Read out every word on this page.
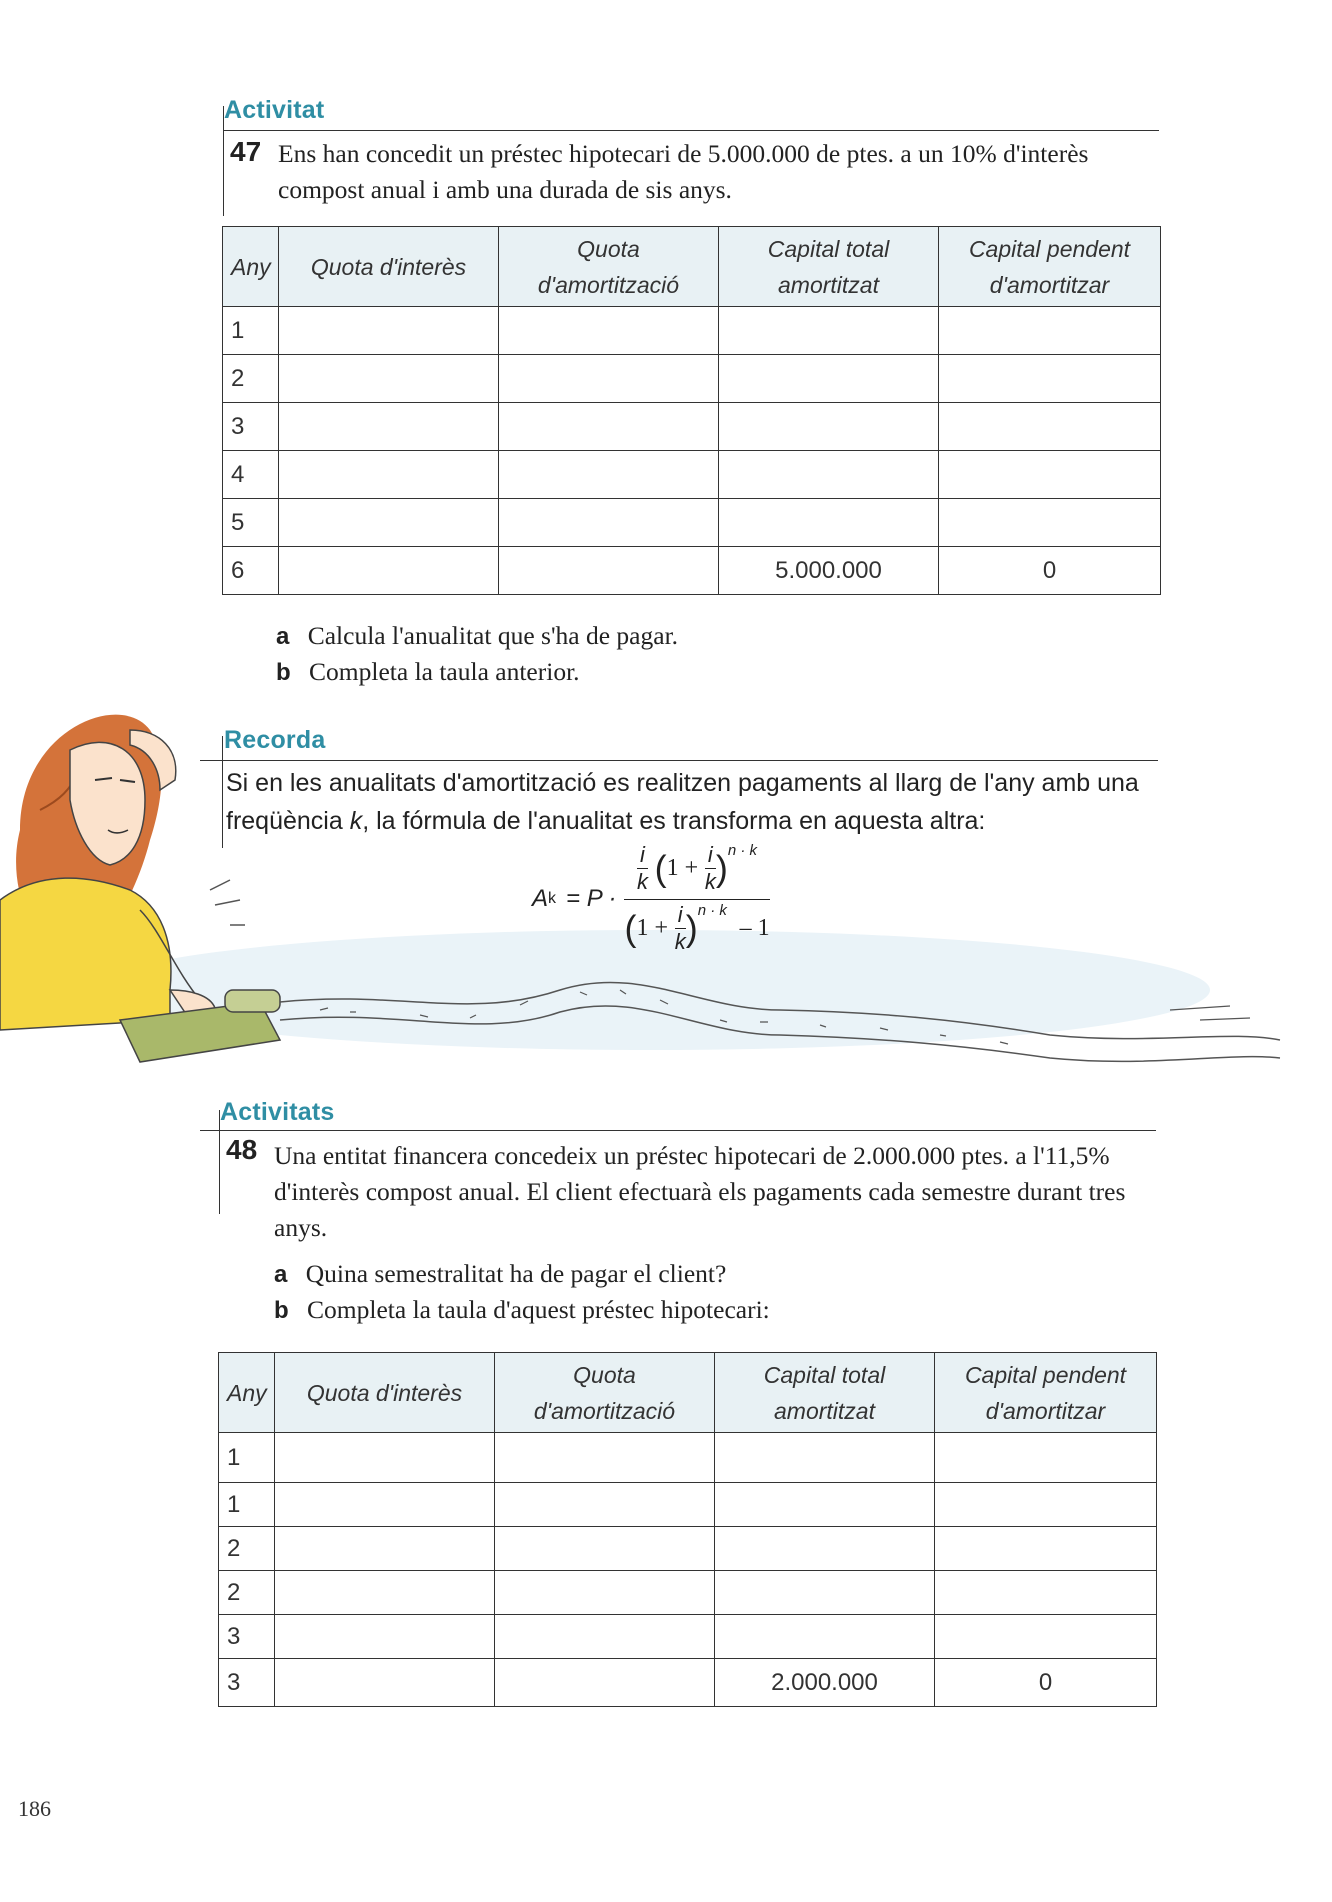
Activitat
47 Ens han concedit un préstec hipotecari de 5.000.000 de ptes. a un 10% d'interès compost anual i amb una durada de sis anys.
Any	Quota d'interès	Quota d'amortització	Capital total amortitzat	Capital pendent d'amortitzar
1				
2				
3				
4				
5				
6			5.000.000	0
a Calcula l'anualitat que s'ha de pagar.
b Completa la taula anterior.
Recorda
Si en les anualitats d'amortització es realitzen pagaments al llarg de l'any amb una freqüència k, la fórmula de l'anualitat es transforma en aquesta altra:
A $k = P \cdot \frac{\frac{i}{k} (1 + \frac{i}{k} )^{n \cdot k}}{(1 + \frac{i}{k} )^{n \cdot k} - 1}$
Activitats
48 Una entitat financera concedeix un préstec hipotecari de 2.000.000 ptes. a l'11,5% d'interès compost anual. El client efectuarà els pagaments cada semestre durant tres anys.
a Quina semestralitat ha de pagar el client?
b Completa la taula d'aquest préstec hipotecari:
Any	Quota d'interès	Quota d'amortització	Capital total amortitzat	Capital pendent d'amortitzar
1				
1				
2				
2				
3				
3			2.000.000	0
186
